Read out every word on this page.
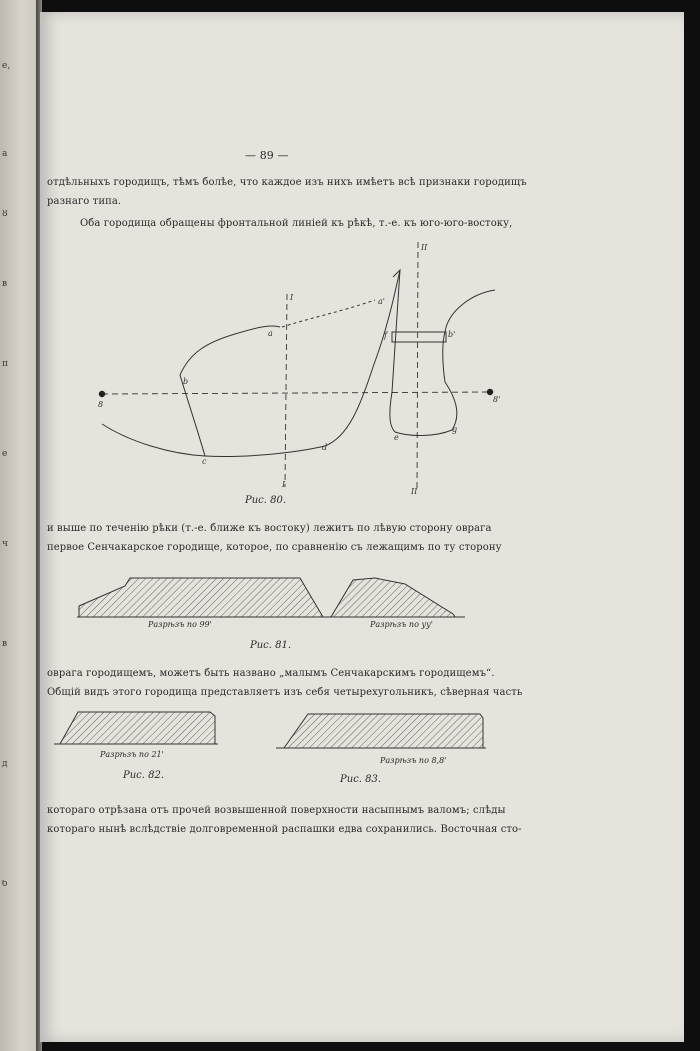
e,
а
8
в
п
е
ч
в
д
б
— 89 —
отдѣльныхъ городищъ, тѣмъ болѣе, что каждое изъ нихъ имѣетъ всѣ признаки городищъ
разнаго типа.
Оба городища обращены фронтальной линіей къ рѣкѣ, т.-е. къ юго-юго-востоку,
I
I
II
II
8
8'
a
a'
b
b'
c
d
e
f
g
Рис. 80.
и выше по теченію рѣки (т.-е. ближе къ востоку) лежитъ по лѣвую сторону оврага
первое Сенчакарское городище, которое, по сравненію съ лежащимъ по ту сторону
Разрѣзъ по 99'	Разрѣзъ по уу'
Рис. 81.
оврага городищемъ, можетъ быть названо „малымъ Сенчакарскимъ городищемъ“.
Общій видъ этого городища представляетъ изъ себя четырехугольникъ, сѣверная часть
Разрѣзъ по 21'
Рис. 82.
Разрѣзъ по 8,8'
Рис. 83.
котораго отрѣзана отъ прочей возвышенной поверхности насыпнымъ валомъ; слѣды
котораго нынѣ вслѣдствіе долговременной распашки едва сохранились. Восточная сто-
